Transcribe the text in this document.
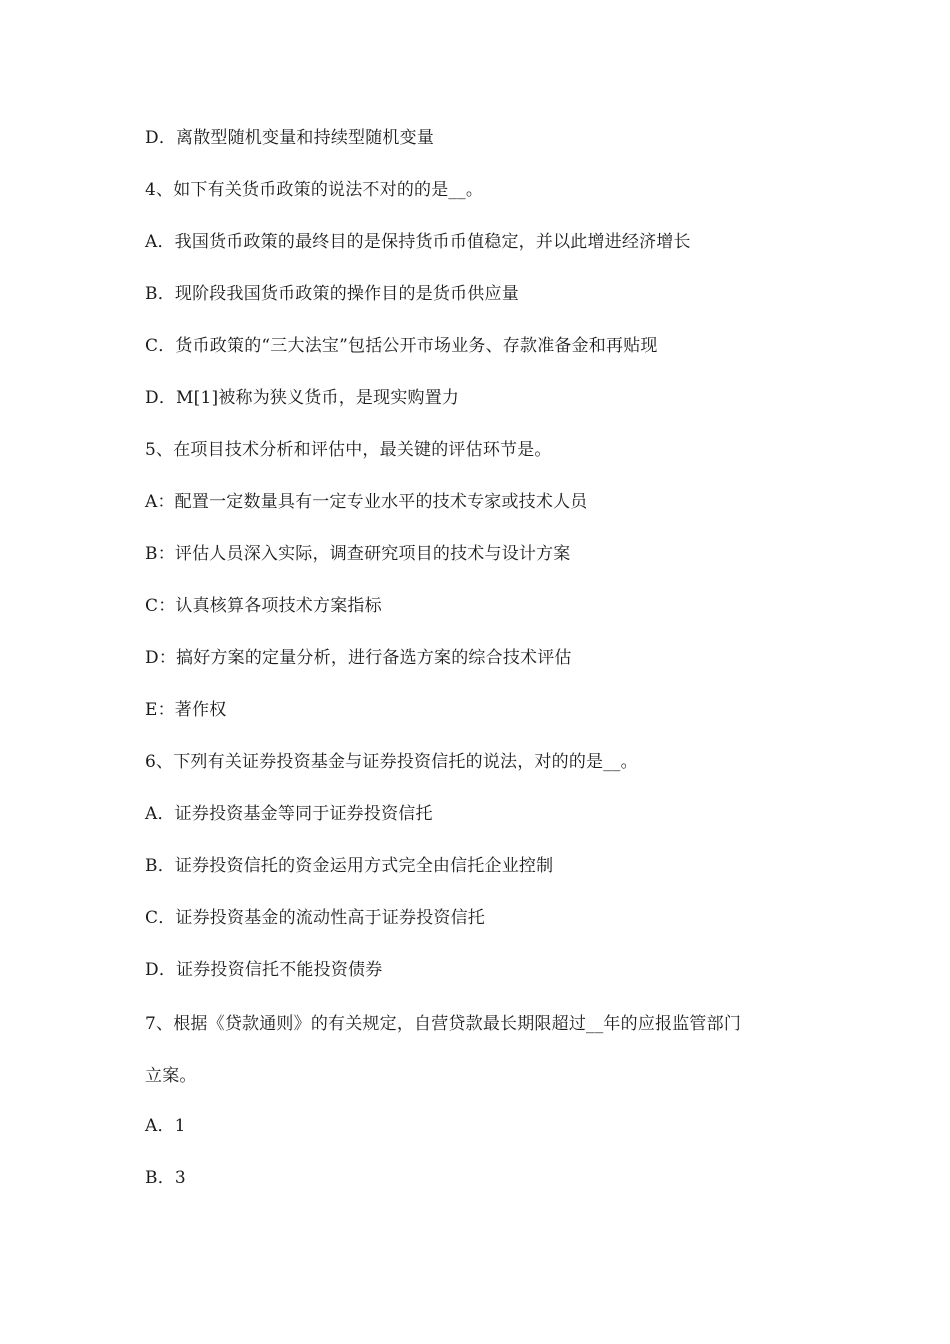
D．离散型随机变量和持续型随机变量
4、如下有关货币政策的说法不对的的是__。
A．我国货币政策的最终目的是保持货币币值稳定，并以此增进经济增长
B．现阶段我国货币政策的操作目的是货币供应量
C．货币政策的“三大法宝”包括公开市场业务、存款准备金和再贴现
D．M[1]被称为狭义货币，是现实购置力
5、在项目技术分析和评估中，最关键的评估环节是。
A：配置一定数量具有一定专业水平的技术专家或技术人员
B：评估人员深入实际，调查研究项目的技术与设计方案
C：认真核算各项技术方案指标
D：搞好方案的定量分析，进行备选方案的综合技术评估
E：著作权
6、下列有关证券投资基金与证券投资信托的说法，对的的是__。
A．证券投资基金等同于证券投资信托
B．证券投资信托的资金运用方式完全由信托企业控制
C．证券投资基金的流动性高于证券投资信托
D．证券投资信托不能投资债券
7、根据《贷款通则》的有关规定，自营贷款最长期限超过__年的应报监管部门
立案。
A．1
B．3
